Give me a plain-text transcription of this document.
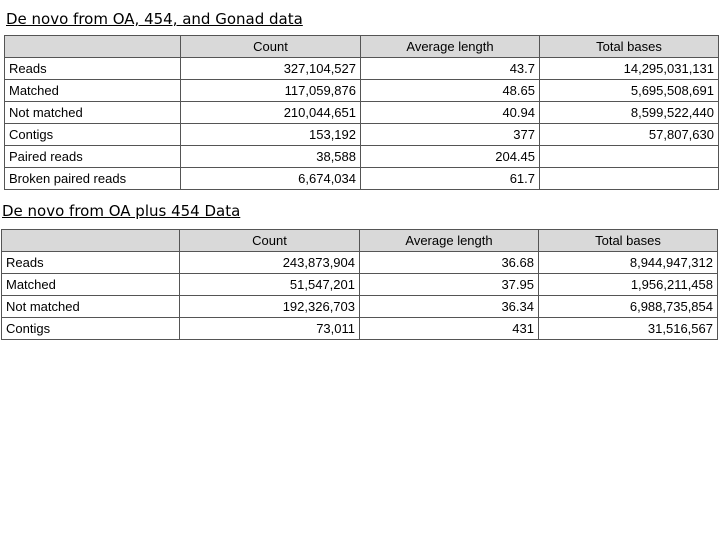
De novo from OA, 454, and Gonad data
	Count	Average length	Total bases
Reads	327,104,527	43.7	14,295,031,131
Matched	117,059,876	48.65	5,695,508,691
Not matched	210,044,651	40.94	8,599,522,440
Contigs	153,192	377	57,807,630
Paired reads	38,588	204.45	
Broken paired reads	6,674,034	61.7	
De novo from OA plus 454 Data
	Count	Average length	Total bases
Reads	243,873,904	36.68	8,944,947,312
Matched	51,547,201	37.95	1,956,211,458
Not matched	192,326,703	36.34	6,988,735,854
Contigs	73,011	431	31,516,567
